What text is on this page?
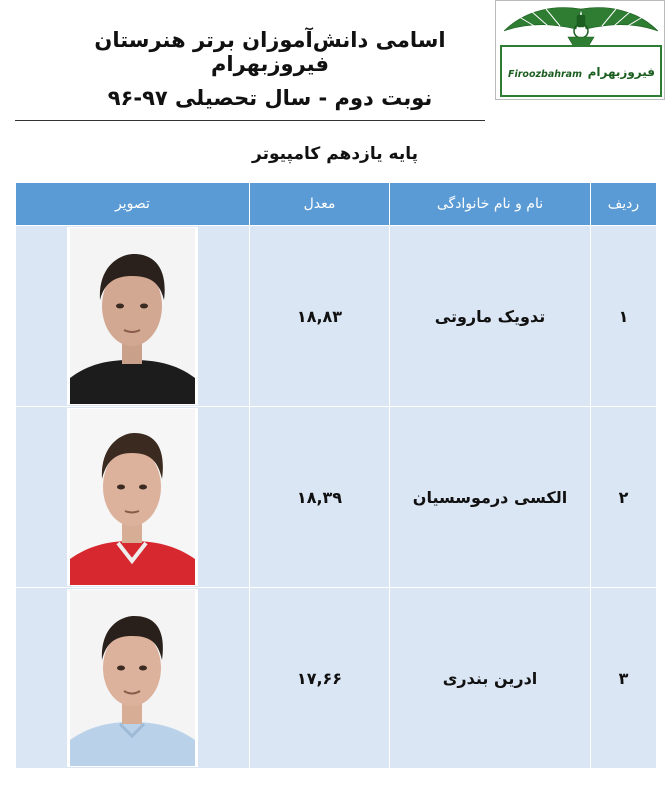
اسامی دانش‌آموزان برتر هنرستان فیروزبهرام
نوبت دوم - سال تحصیلی ۹۷-۹۶
Firoozbahram فیروزبهرام
پایه یازدهم کامپیوتر
ردیف	نام و نام خانوادگی	معدل	تصویر
۱	تدویک ماروتی	۱۸,۸۳	

۲	الکسی درموسسیان	۱۸,۳۹	

۳	ادرین بندری	۱۷,۶۶	
